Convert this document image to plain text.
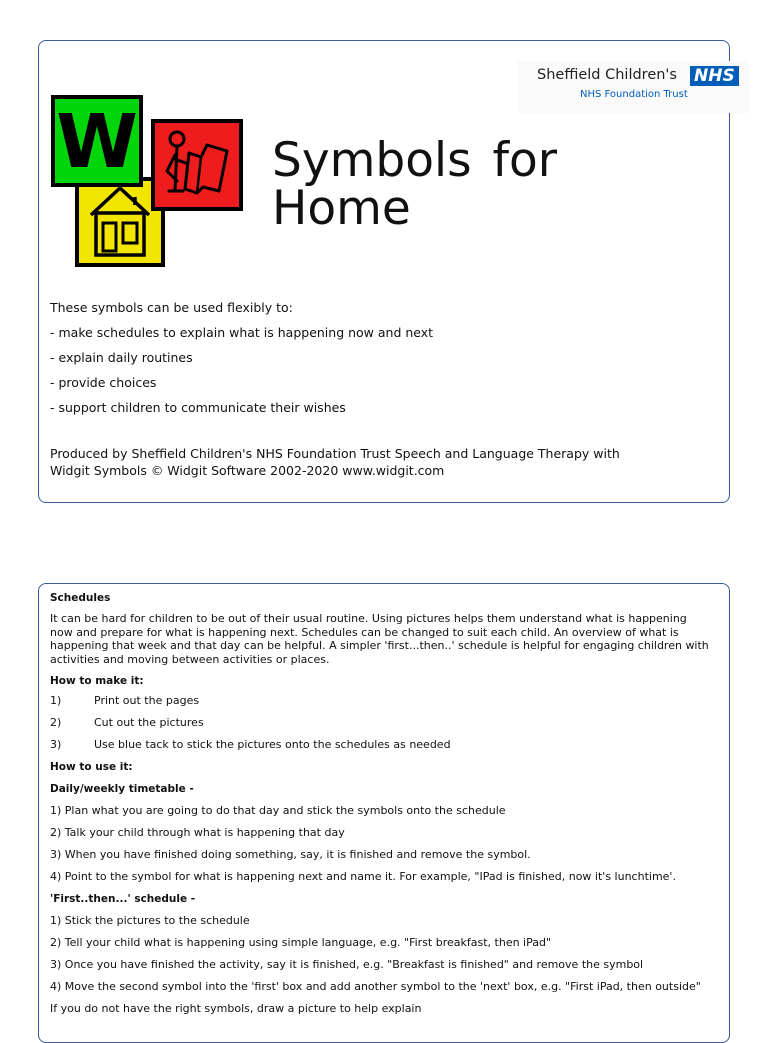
Sheffield Children's NHS
NHS Foundation Trust
W	Symbols for
Home
These symbols can be used flexibly to:
- make schedules to explain what is happening now and next
- explain daily routines
- provide choices
- support children to communicate their wishes
Produced by Sheffield Children's NHS Foundation Trust Speech and Language Therapy with
Widgit Symbols © Widgit Software 2002-2020 www.widgit.com

Schedules

It can be hard for children to be out of their usual routine. Using pictures helps them understand what is happening
now and prepare for what is happening next. Schedules can be changed to suit each child. An overview of what is
happening that week and that day can be helpful. A simpler 'first...then..' schedule is helpful for engaging children with
activities and moving between activities or places.

How to make it:

1)	Print out the pages
2)	Cut out the pictures
3)	Use blue tack to stick the pictures onto the schedules as needed

How to use it:

Daily/weekly timetable -

1) Plan what you are going to do that day and stick the symbols onto the schedule
2) Talk your child through what is happening that day
3) When you have finished doing something, say, it is finished and remove the symbol.
4) Point to the symbol for what is happening next and name it. For example, "IPad is finished, now it's lunchtime'.

'First..then...' schedule -

1) Stick the pictures to the schedule
2) Tell your child what is happening using simple language, e.g. "First breakfast, then iPad"
3) Once you have finished the activity, say it is finished, e.g. "Breakfast is finished" and remove the symbol
4) Move the second symbol into the 'first' box and add another symbol to the 'next' box, e.g. "First iPad, then outside"
If you do not have the right symbols, draw a picture to help explain
